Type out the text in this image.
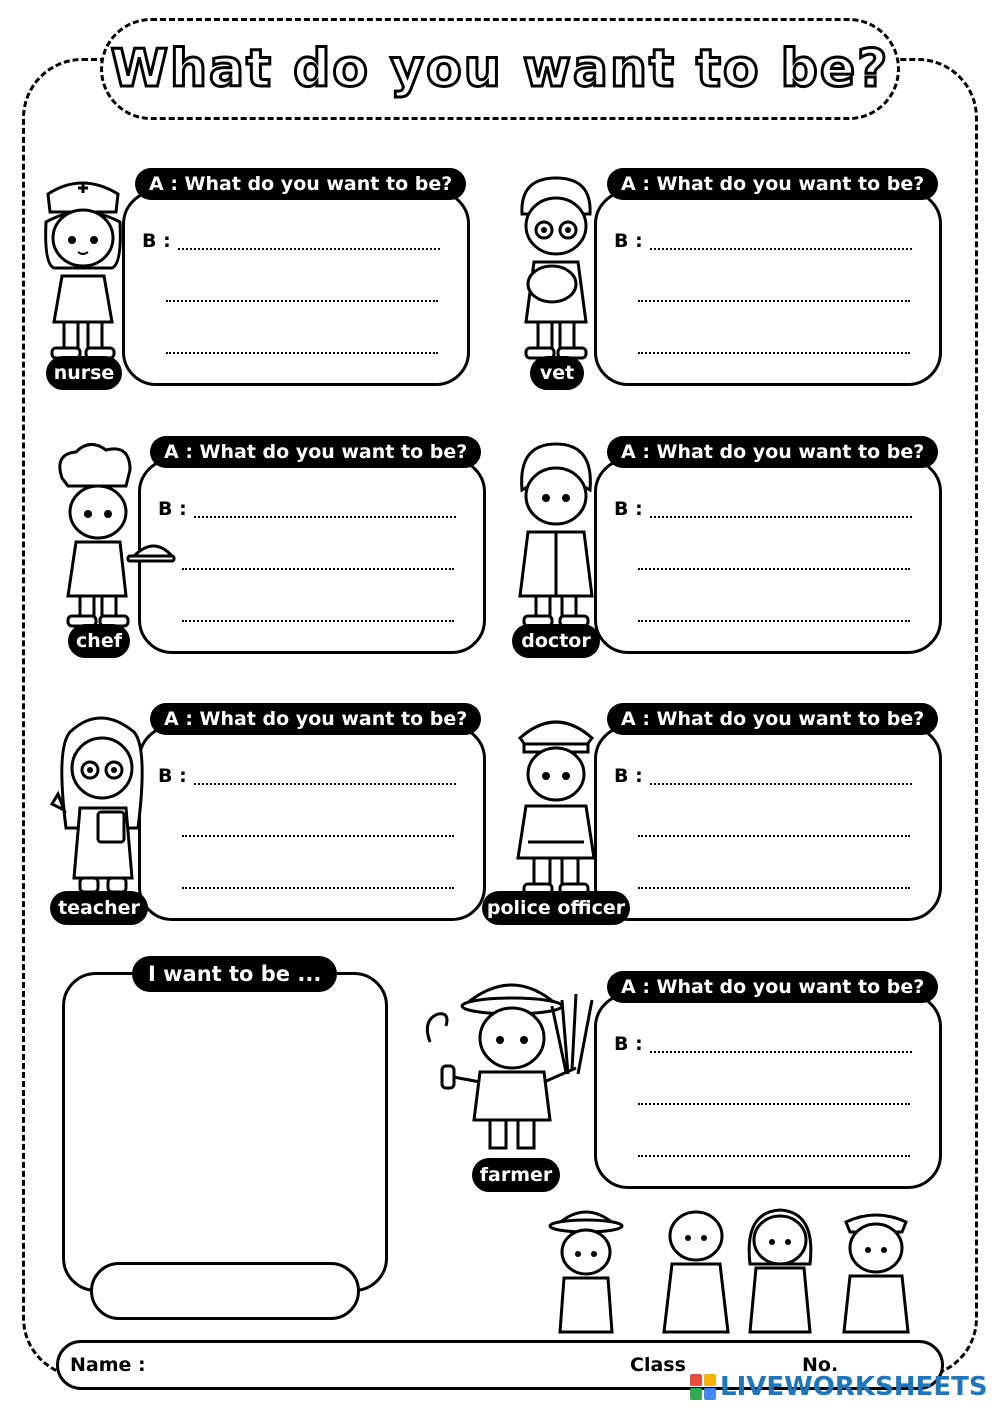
What do you want to be?
A : What do you want to be?
B :
nurse
A : What do you want to be?
B :
vet
A : What do you want to be?
B :
chef
A : What do you want to be?
B :
doctor
A : What do you want to be?
B :
teacher
A : What do you want to be?
B :
police officer
I want to be ...
A : What do you want to be?
B :
farmer
Name :	Class	No.
LIVEWORKSHEETS
